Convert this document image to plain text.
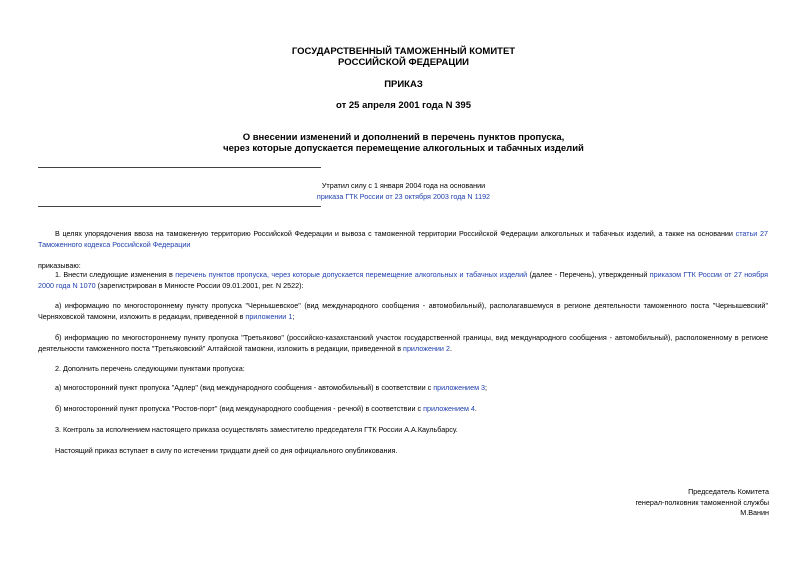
ГОСУДАРСТВЕННЫЙ ТАМОЖЕННЫЙ КОМИТЕТ
РОССИЙСКОЙ ФЕДЕРАЦИИ
ПРИКАЗ
от 25 апреля 2001 года N 395
О внесении изменений и дополнений в перечень пунктов пропуска,
через которые допускается перемещение алкогольных и табачных изделий
Утратил силу с 1 января 2004 года на основании
приказа ГТК России от 23 октября 2003 года N 1192
В целях упорядочения ввоза на таможенную территорию Российской Федерации и вывоза с таможенной территории Российской Федерации алкогольных и табачных изделий, а также на основании статьи 27 Таможенного кодекса Российской Федерации
приказываю:
1. Внести следующие изменения в перечень пунктов пропуска, через которые допускается перемещение алкогольных и табачных изделий (далее - Перечень), утвержденный приказом ГТК России от 27 ноября 2000 года N 1070 (зарегистрирован в Минюсте России 09.01.2001, рег. N 2522):
а) информацию по многостороннему пункту пропуска "Чернышевское" (вид международного сообщения - автомобильный), располагавшемуся в регионе деятельности таможенного поста "Чернышевский" Черняховской таможни, изложить в редакции, приведенной в приложении 1;
б) информацию по многостороннему пункту пропуска "Третьяково" (российско-казахстанский участок государственной границы, вид международного сообщения - автомобильный), расположенному в регионе деятельности таможенного поста "Третьяковский" Алтайской таможни, изложить в редакции, приведенной в приложении 2.
2. Дополнить перечень следующими пунктами пропуска:
а) многосторонний пункт пропуска "Адлер" (вид международного сообщения - автомобильный) в соответствии с приложением 3;
б) многосторонний пункт пропуска "Ростов-порт" (вид международного сообщения - речной) в соответствии с приложением 4.
3. Контроль за исполнением настоящего приказа осуществлять заместителю председателя ГТК России А.А.Каульбарсу.
Настоящий приказ вступает в силу по истечении тридцати дней со дня официального опубликования.
Председатель Комитета
генерал-полковник таможенной службы
М.Ванин
